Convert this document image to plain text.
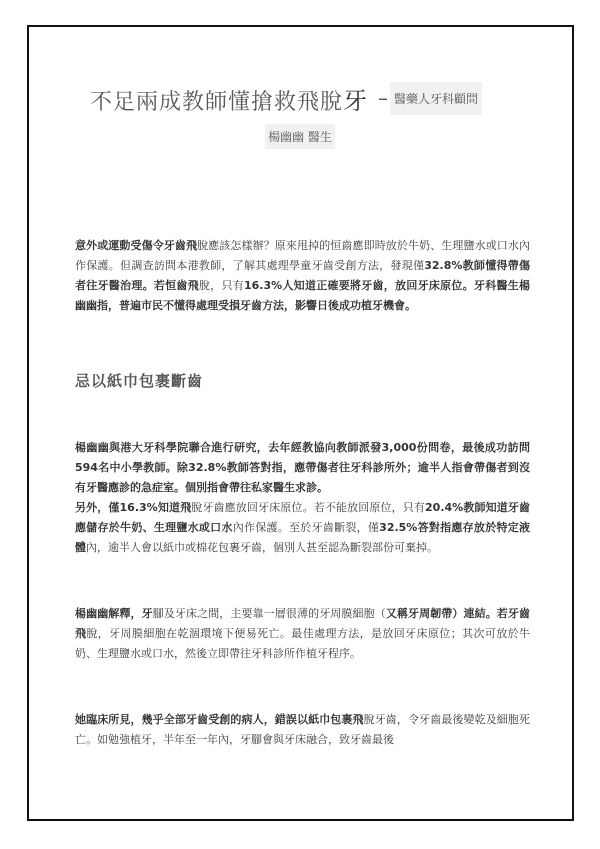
不足兩成教師懂搶救飛脫牙 – 醫藥人牙科顧問
楊幽幽 醫生
意外或運動受傷令牙齒飛脫應該怎樣辦？原來甩掉的恒齒應即時放於牛奶、生理鹽水或口水內作保護。但調查訪問本港教師，了解其處理學童牙齒受創方法，發現僅32.8%教師懂得帶傷者往牙醫治理。若恒齒飛脫，只有16.3%人知道正確要將牙齒，放回牙床原位。牙科醫生楊幽幽指，普遍市民不懂得處理受損牙齒方法，影響日後成功植牙機會。
忌以紙巾包裹斷齒
楊幽幽與港大牙科學院聯合進行研究，去年經教協向教師派發3,000份問卷，最後成功訪問594名中小學教師。除32.8%教師答對指，應帶傷者往牙科診所外；逾半人指會帶傷者到沒有牙醫應診的急症室。個別指會帶往私家醫生求診。
另外，僅16.3%知道飛脫牙齒應放回牙床原位。若不能放回原位，只有20.4%教師知道牙齒應儲存於牛奶、生理鹽水或口水內作保護。至於牙齒斷裂，僅32.5%答對指應存放於特定液體內，逾半人會以紙巾或棉花包裹牙齒，個別人甚至認為斷裂部份可棄掉。
楊幽幽解釋，牙腳及牙床之間，主要靠一層很薄的牙周膜細胞（又稱牙周韌帶）連結。若牙齒飛脫，牙周膜細胞在乾涸環境下便易死亡。最佳處理方法，是放回牙床原位；其次可放於牛奶、生理鹽水或口水，然後立即帶往牙科診所作植牙程序。
她臨床所見，幾乎全部牙齒受創的病人，錯誤以紙巾包裹飛脫牙齒，令牙齒最後變乾及細胞死亡。如勉強植牙，半年至一年內，牙腳會與牙床融合，致牙齒最後
